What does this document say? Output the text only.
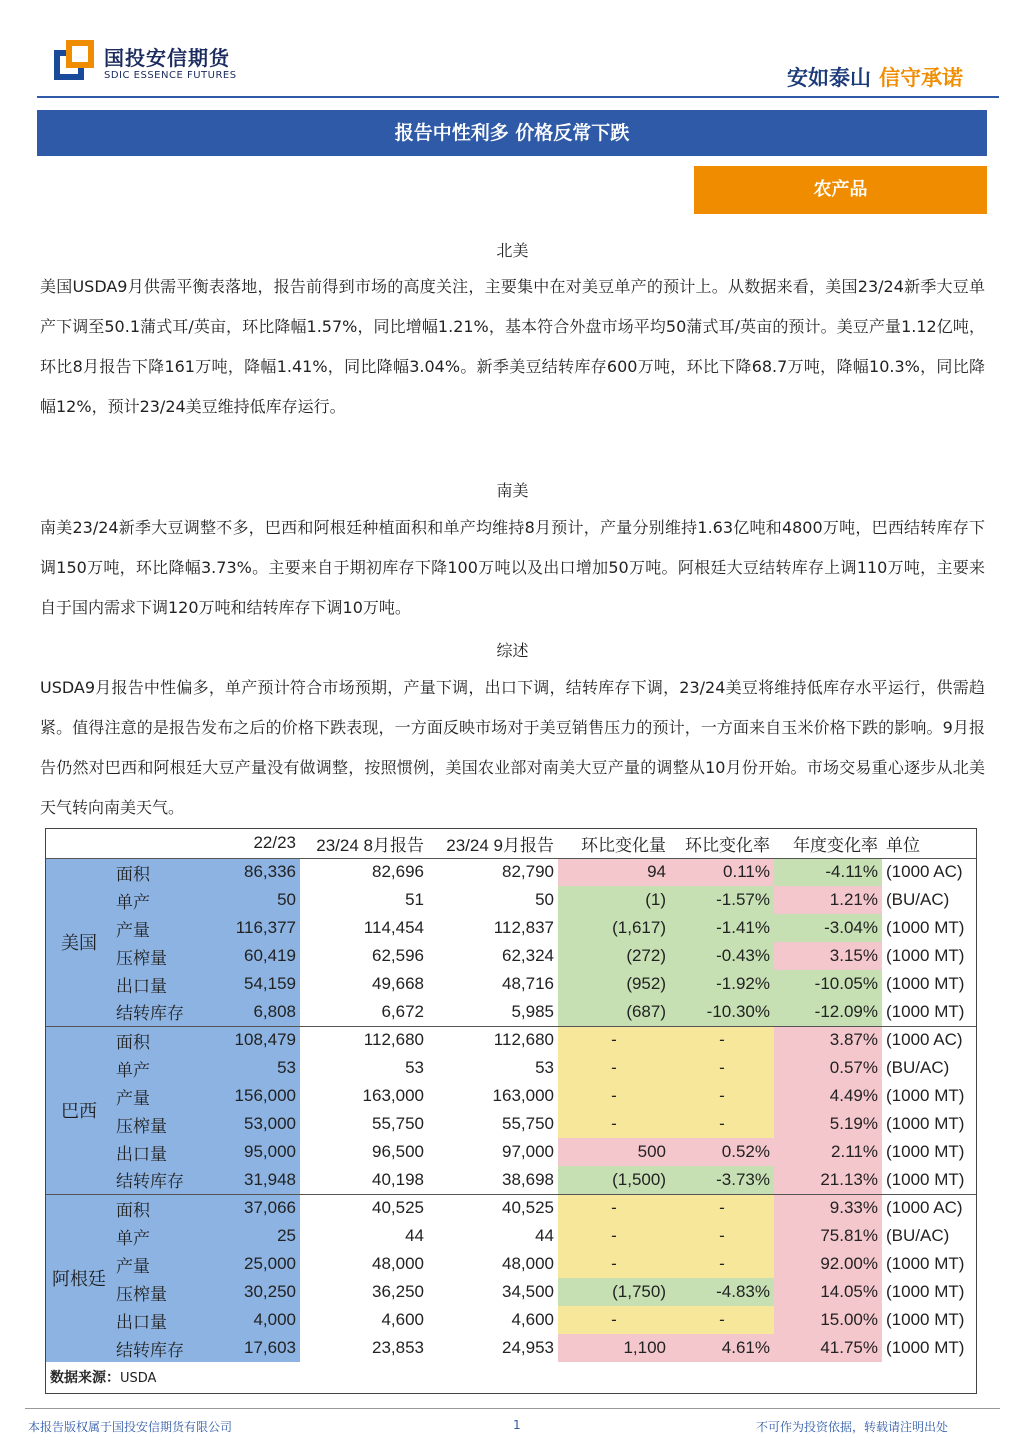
国投安信期货
SDIC ESSENCE FUTURES	安如泰山 信守承诺
报告中性利多 价格反常下跌
农产品
北美
美国USDA9月供需平衡表落地，报告前得到市场的高度关注，主要集中在对美豆单产的预计上。从数据来看，美国23/24新季大豆单产下调至50.1蒲式耳/英亩，环比降幅1.57%，同比增幅1.21%，基本符合外盘市场平均50蒲式耳/英亩的预计。美豆产量1.12亿吨，环比8月报告下降161万吨，降幅1.41%，同比降幅3.04%。新季美豆结转库存600万吨，环比下降68.7万吨，降幅10.3%，同比降幅12%，预计23/24美豆维持低库存运行。
南美
南美23/24新季大豆调整不多，巴西和阿根廷种植面积和单产均维持8月预计，产量分别维持1.63亿吨和4800万吨，巴西结转库存下调150万吨，环比降幅3.73%。主要来自于期初库存下降100万吨以及出口增加50万吨。阿根廷大豆结转库存上调110万吨，主要来自于国内需求下调120万吨和结转库存下调10万吨。
综述
USDA9月报告中性偏多，单产预计符合市场预期，产量下调，出口下调，结转库存下调，23/24美豆将维持低库存水平运行，供需趋紧。值得注意的是报告发布之后的价格下跌表现，一方面反映市场对于美豆销售压力的预计，一方面来自玉米价格下跌的影响。9月报告仍然对巴西和阿根廷大豆产量没有做调整，按照惯例，美国农业部对南美大豆产量的调整从10月份开始。市场交易重心逐步从北美天气转向南美天气。
		22/23	23/24 8月报告	23/24 9月报告	环比变化量	环比变化率	年度变化率	单位
美国	面积	86,336	82,696	82,790	94	0.11%	-4.11%	(1000 AC)
	单产	50	51	50	(1)	-1.57%	1.21%	(BU/AC)
	产量	116,377	114,454	112,837	(1,617)	-1.41%	-3.04%	(1000 MT)
	压榨量	60,419	62,596	62,324	(272)	-0.43%	3.15%	(1000 MT)
	出口量	54,159	49,668	48,716	(952)	-1.92%	-10.05%	(1000 MT)
	结转库存	6,808	6,672	5,985	(687)	-10.30%	-12.09%	(1000 MT)
巴西	面积	108,479	112,680	112,680	-	-	3.87%	(1000 AC)
	单产	53	53	53	-	-	0.57%	(BU/AC)
	产量	156,000	163,000	163,000	-	-	4.49%	(1000 MT)
	压榨量	53,000	55,750	55,750	-	-	5.19%	(1000 MT)
	出口量	95,000	96,500	97,000	500	0.52%	2.11%	(1000 MT)
	结转库存	31,948	40,198	38,698	(1,500)	-3.73%	21.13%	(1000 MT)
阿根廷	面积	37,066	40,525	40,525	-	-	9.33%	(1000 AC)
	单产	25	44	44	-	-	75.81%	(BU/AC)
	产量	25,000	48,000	48,000	-	-	92.00%	(1000 MT)
	压榨量	30,250	36,250	34,500	(1,750)	-4.83%	14.05%	(1000 MT)
	出口量	4,000	4,600	4,600	-	-	15.00%	(1000 MT)
	结转库存	17,603	23,853	24,953	1,100	4.61%	41.75%	(1000 MT)
数据来源：USDA
本报告版权属于国投安信期货有限公司	1	不可作为投资依据，转载请注明出处
